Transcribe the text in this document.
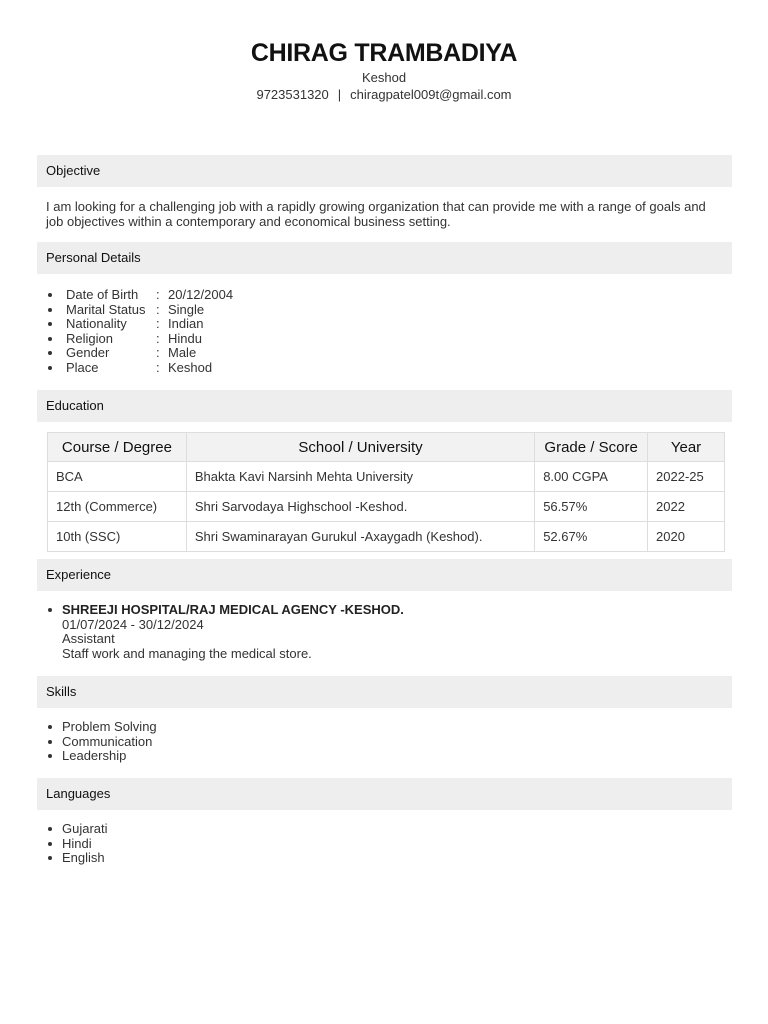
CHIRAG TRAMBADIYA
Keshod
9723531320 | chiragpatel009t@gmail.com
Objective
I am looking for a challenging job with a rapidly growing organization that can provide me with a range of goals and job objectives within a contemporary and economical business setting.
Personal Details
Date of Birth	: 20/12/2004
Marital Status : Single
Nationality	: Indian
Religion	: Hindu
Gender	: Male
Place	: Keshod
Education
Course / Degree	School / University	Grade / Score	Year
BCA	Bhakta Kavi Narsinh Mehta University	8.00 CGPA	2022-25
12th (Commerce)	Shri Sarvodaya Highschool -Keshod.	56.57%	2022
10th (SSC)	Shri Swaminarayan Gurukul -Axaygadh (Keshod).	52.67%	2020
Experience
SHREEJI HOSPITAL/RAJ MEDICAL AGENCY -KESHOD.
01/07/2024 - 30/12/2024
Assistant
Staff work and managing the medical store.
Skills
Problem Solving
Communication
Leadership
Languages
Gujarati
Hindi
English
